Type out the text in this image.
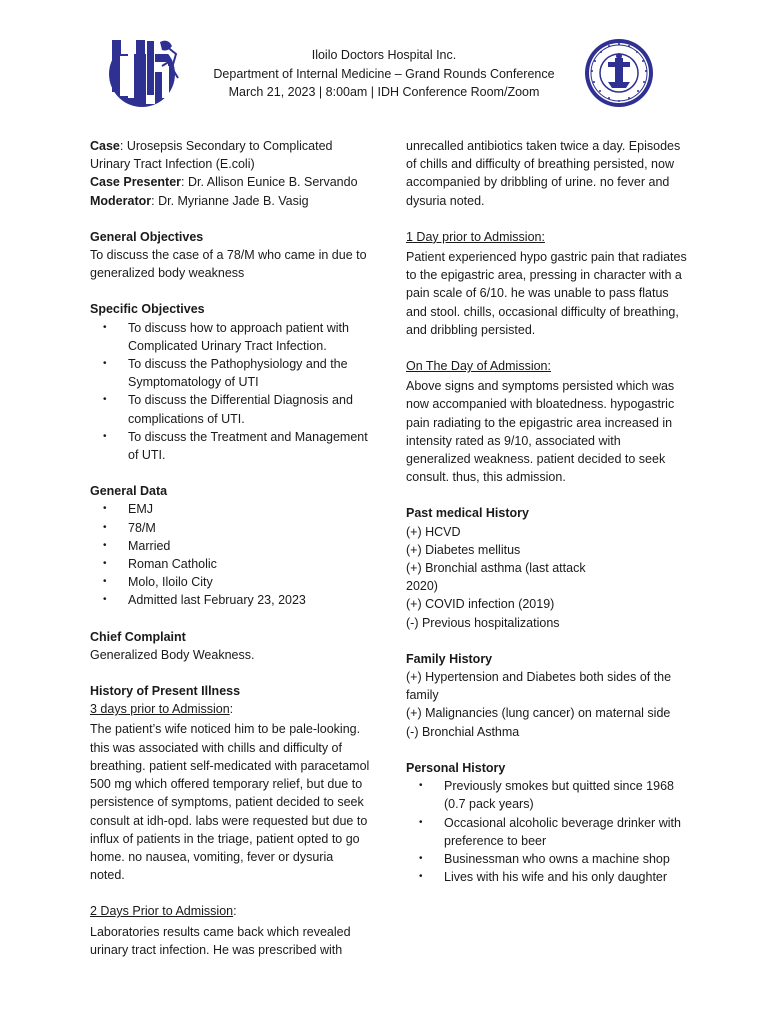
Iloilo Doctors Hospital Inc.

Department of Internal Medicine – Grand Rounds Conference

March 21, 2023 | 8:00am | IDH Conference Room/Zoom

Case: Urosepsis Secondary to Complicated Urinary Tract Infection (E.coli)

Case Presenter: Dr. Allison Eunice B. Servando

Moderator: Dr. Myrianne Jade B. Vasig

General Objectives

To discuss the case of a 78/M who came in due to generalized body weakness

Specific Objectives

• To discuss how to approach patient with Complicated Urinary Tract Infection.
• To discuss the Pathophysiology and the Symptomatology of UTI
• To discuss the Differential Diagnosis and complications of UTI.
• To discuss the Treatment and Management of UTI.

General Data

• EMJ
• 78/M
• Married
• Roman Catholic
• Molo, Iloilo City
• Admitted last February 23, 2023

Chief Complaint

Generalized Body Weakness.

History of Present Illness

3 days prior to Admission:

The patient’s wife noticed him to be pale-looking. this was associated with chills and difficulty of breathing. patient self-medicated with paracetamol 500 mg which offered temporary relief, but due to persistence of symptoms, patient decided to seek consult at idh-opd. labs were requested but due to influx of patients in the triage, patient opted to go home. no nausea, vomiting, fever or dysuria noted.

2 Days Prior to Admission:

Laboratories results came back which revealed urinary tract infection. He was prescribed with

unrecalled antibiotics taken twice a day. Episodes of chills and difficulty of breathing persisted, now accompanied by dribbling of urine. no fever and dysuria noted.

1 Day prior to Admission:

Patient experienced hypo gastric pain that radiates to the epigastric area, pressing in character with a pain scale of 6/10. he was unable to pass flatus and stool. chills, occasional difficulty of breathing, and dribbling persisted.

On The Day of Admission:

Above signs and symptoms persisted which was now accompanied with bloatedness. hypogastric pain radiating to the epigastric area increased in intensity rated as 9/10, associated with generalized weakness. patient decided to seek consult. thus, this admission.

Past medical History

(+) HCVD

(+) Diabetes mellitus

(+) Bronchial asthma (last attack

2020)

(+) COVID infection (2019)

(-) Previous hospitalizations

Family History

(+) Hypertension and Diabetes both sides of the family

(+) Malignancies (lung cancer) on maternal side

(-) Bronchial Asthma

Personal History

• Previously smokes but quitted since 1968 (0.7 pack years)
• Occasional alcoholic beverage drinker with preference to beer
• Businessman who owns a machine shop
• Lives with his wife and his only daughter
